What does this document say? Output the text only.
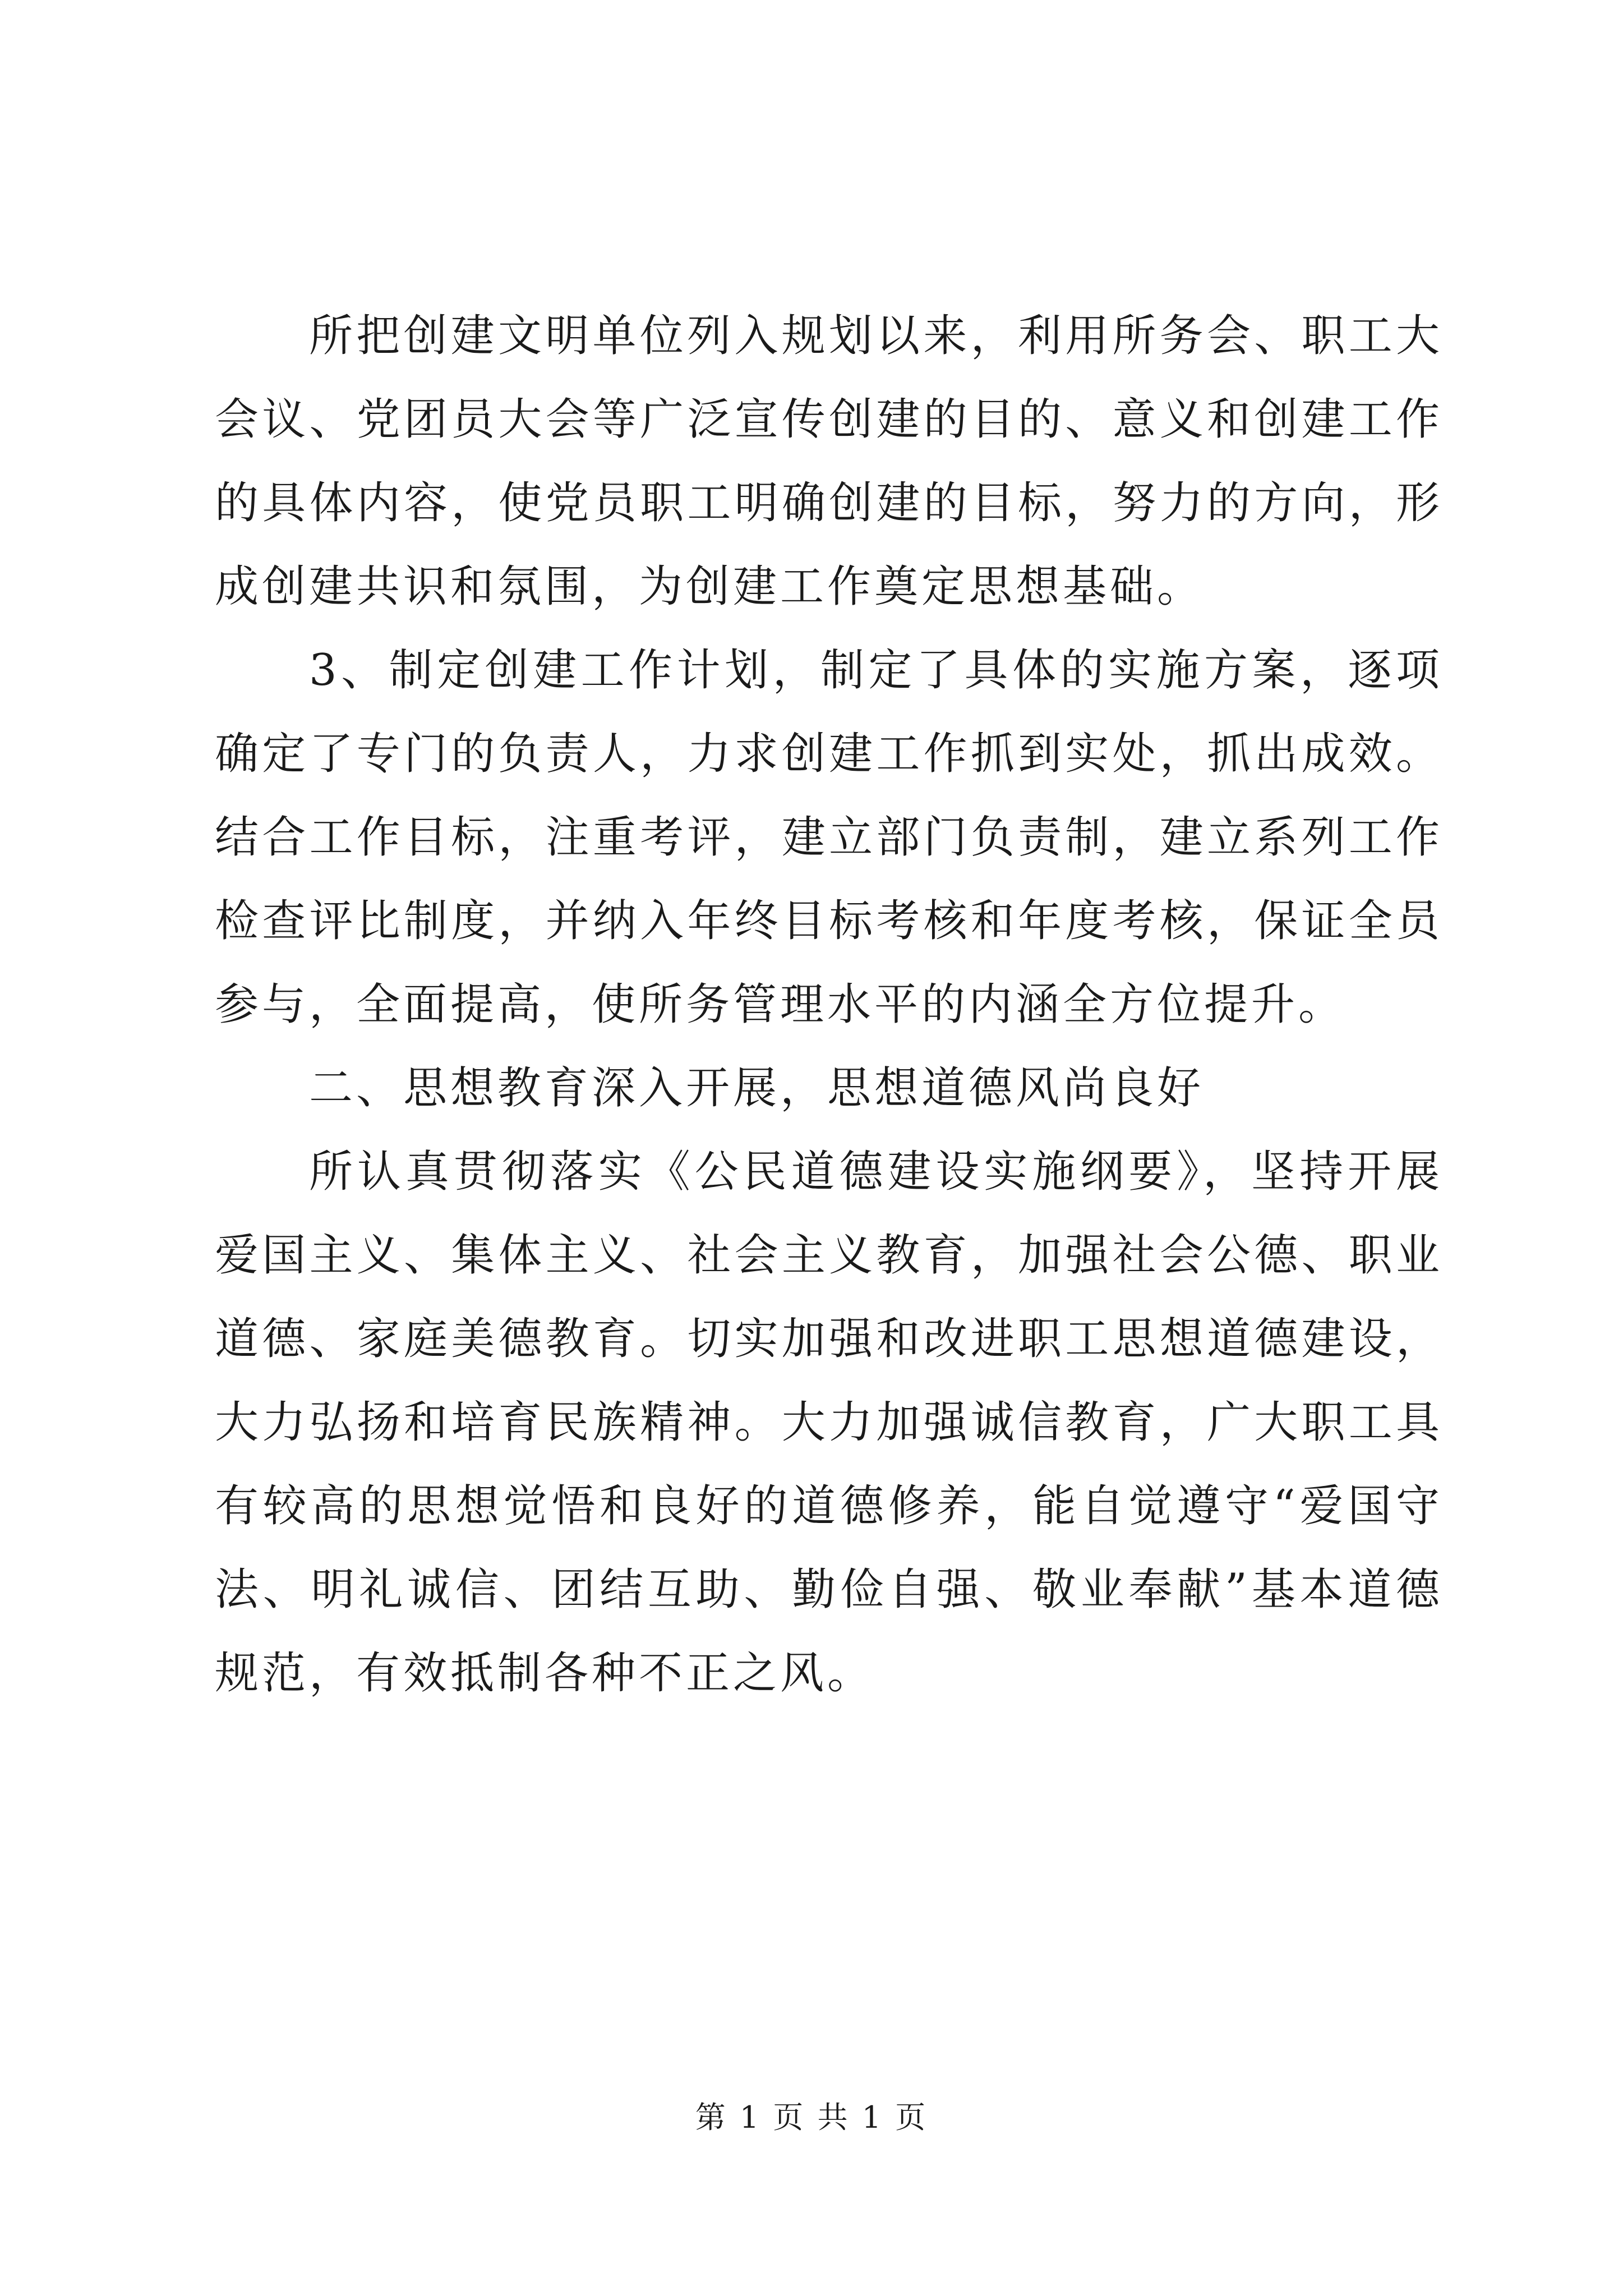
所把创建文明单位列入规划以来，利用所务会、职工大会议、党团员大会等广泛宣传创建的目的、意义和创建工作的具体内容，使党员职工明确创建的目标，努力的方向，形成创建共识和氛围，为创建工作奠定思想基础。

3、制定创建工作计划，制定了具体的实施方案，逐项确定了专门的负责人，力求创建工作抓到实处，抓出成效。结合工作目标，注重考评，建立部门负责制，建立系列工作检查评比制度，并纳入年终目标考核和年度考核，保证全员参与，全面提高，使所务管理水平的内涵全方位提升。

二、思想教育深入开展，思想道德风尚良好

所认真贯彻落实《公民道德建设实施纲要》，坚持开展爱国主义、集体主义、社会主义教育，加强社会公德、职业道德、家庭美德教育。切实加强和改进职工思想道德建设，大力弘扬和培育民族精神。大力加强诚信教育，广大职工具有较高的思想觉悟和良好的道德修养，能自觉遵守“爱国守法、明礼诚信、团结互助、勤俭自强、敬业奉献”基本道德规范，有效抵制各种不正之风。

第 1 页 共 1 页
